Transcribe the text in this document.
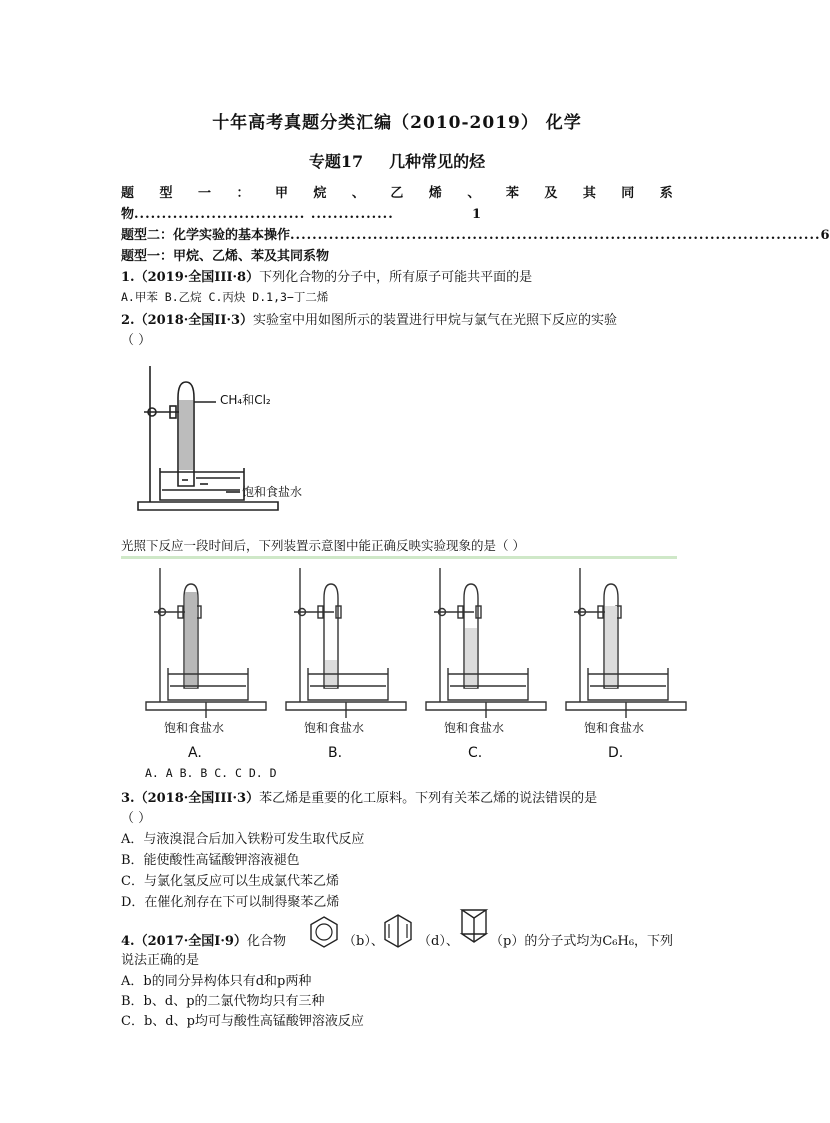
十年高考真题分类汇编（2010-2019） 化学
专题17 几种常见的烃
题 型 一 ： 甲 烷 、 乙 烯 、 苯 及 其 同 系
物 ............................... ...............	1
题型二：化学实验的基本操作 ................................................................................................ 6
题型一：甲烷、乙烯、苯及其同系物
1.（2019·全国III·8）下列化合物的分子中，所有原子可能共平面的是
A.甲苯 B.乙烷 C.丙炔 D.1,3−丁二烯
2.（2018·全国II·3）实验室中用如图所示的装置进行甲烷与氯气在光照下反应的实验
（ ）
CH₄和Cl₂
饱和食盐水
光照下反应一段时间后，下列装置示意图中能正确反映实验现象的是（ ）
饱和食盐水
A.
饱和食盐水
B.
饱和食盐水
C.
饱和食盐水
D.
A. A B. B C. C D. D
3.（2018·全国III·3）苯乙烯是重要的化工原料。下列有关苯乙烯的说法错误的是
（ ）
A．与液溴混合后加入铁粉可发生取代反应
B．能使酸性高锰酸钾溶液褪色
C．与氯化氢反应可以生成氯代苯乙烯
D．在催化剂存在下可以制得聚苯乙烯
4.（2017·全国I·9）化合物	（b）、	（d）、 （p）的分子式均为C₆H₆，下列
说法正确的是
A．b的同分异构体只有d和p两种
B．b、d、p的二氯代物均只有三种
C．b、d、p均可与酸性高锰酸钾溶液反应
